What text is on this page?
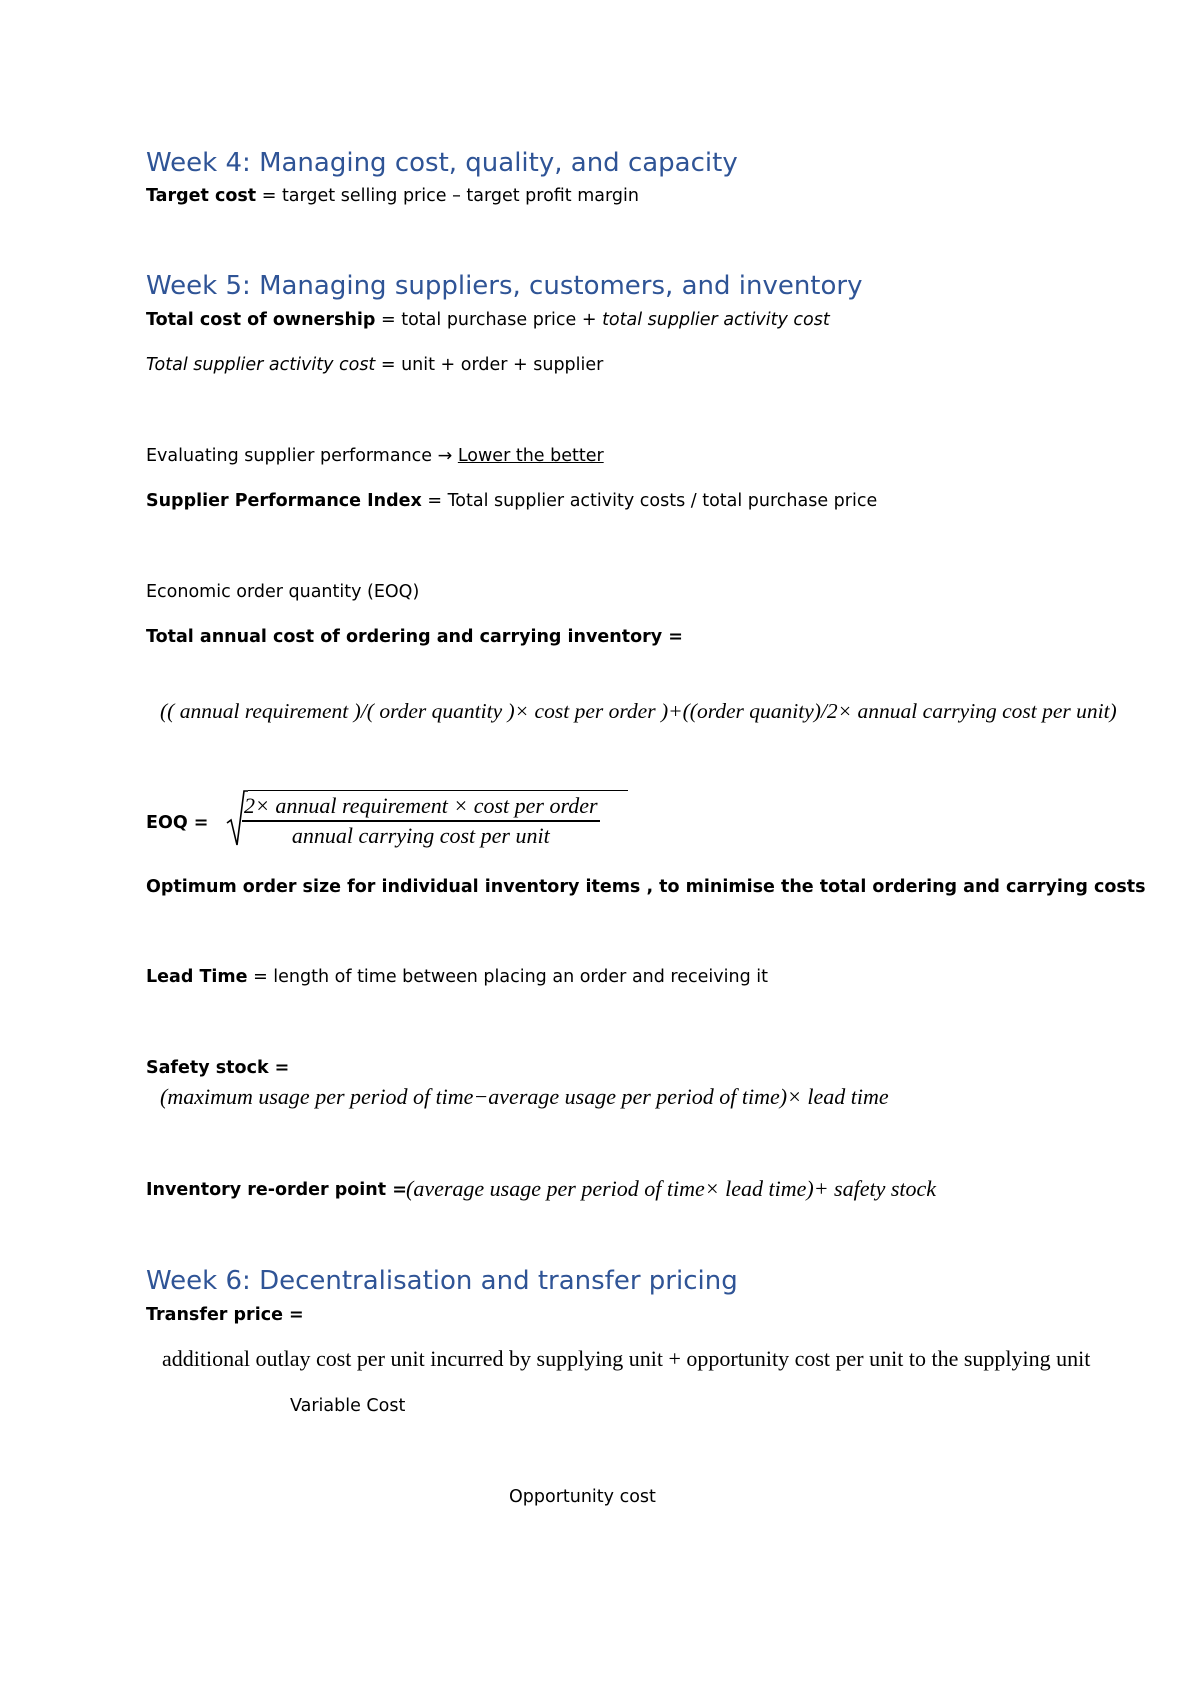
Week 4: Managing cost, quality, and capacity
Target cost = target selling price – target profit margin
Week 5: Managing suppliers, customers, and inventory
Total cost of ownership = total purchase price + total supplier activity cost
Total supplier activity cost = unit + order + supplier
Evaluating supplier performance → Lower the better
Supplier Performance Index = Total supplier activity costs / total purchase price
Economic order quantity (EOQ)
Total annual cost of ordering and carrying inventory =
(( annual requirement )/( order quantity )× cost per order )+((order quanity)/2× annual carrying cost per unit)
EOQ = $\frac{\text{2× annual requirement × cost per order}}{\text{annual carrying cost per unit}}$
Optimum order size for individual inventory items , to minimise the total ordering and carrying costs
Lead Time = length of time between placing an order and receiving it
Safety stock =
(maximum usage per period of time−average usage per period of time)× lead time
Inventory re-order point = (average usage per period of time× lead time)+ safety stock
Week 6: Decentralisation and transfer pricing
Transfer price =
additional outlay cost per unit incurred by supplying unit + opportunity cost per unit to the supplying unit
Variable Cost
Opportunity cost
